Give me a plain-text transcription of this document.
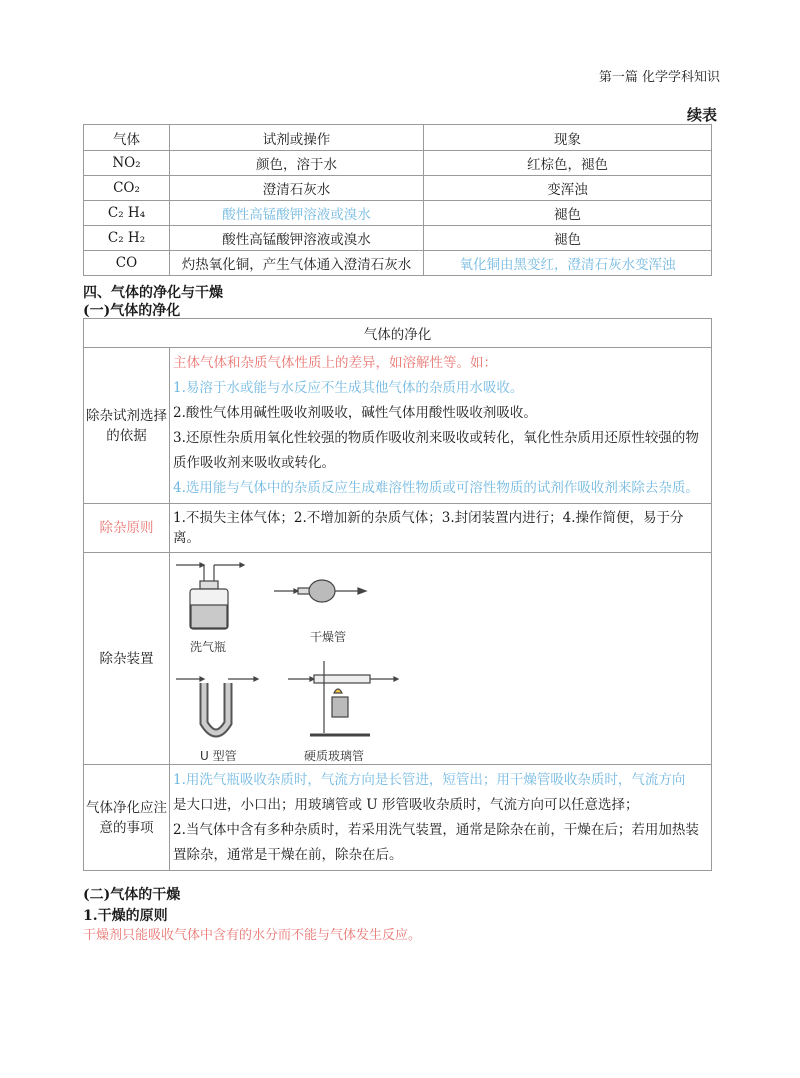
第一篇 化学学科知识
续表
气体	试剂或操作	现象
NO₂	颜色，溶于水	红棕色，褪色
CO₂	澄清石灰水	变浑浊
C₂ H₄	酸性高锰酸钾溶液或溴水	褪色
C₂ H₂	酸性高锰酸钾溶液或溴水	褪色
CO	灼热氧化铜，产生气体通入澄清石灰水	氧化铜由黑变红，澄清石灰水变浑浊
四、气体的净化与干燥
(一)气体的净化
气体的净化	
除杂试剂选择的依据	主体气体和杂质气体性质上的差异，如溶解性等。如：
1.易溶于水或能与水反应不生成其他气体的杂质用水吸收。
2.酸性气体用碱性吸收剂吸收，碱性气体用酸性吸收剂吸收。
3.还原性杂质用氧化性较强的物质作吸收剂来吸收或转化，氧化性杂质用还原性较强的物质作吸收剂来吸收或转化。
4.选用能与气体中的杂质反应生成难溶性物质或可溶性物质的试剂作吸收剂来除去杂质。

除杂原则	1.不损失主体气体；2.不增加新的杂质气体；3.封闭装置内进行；4.操作简便，易于分离。
除杂装置	洗气瓶
干燥管
U 型管 硬质玻璃管

气体净化应注意的事项	1.用洗气瓶吸收杂质时，气流方向是长管进，短管出；用干燥管吸收杂质时，气流方向
是大口进，小口出；用玻璃管或 U 形管吸收杂质时，气流方向可以任意选择；
2.当气体中含有多种杂质时，若采用洗气装置，通常是除杂在前，干燥在后；若用加热装置除杂，通常是干燥在前，除杂在后。
(二)气体的干燥
1.干燥的原则
干燥剂只能吸收气体中含有的水分而不能与气体发生反应。
